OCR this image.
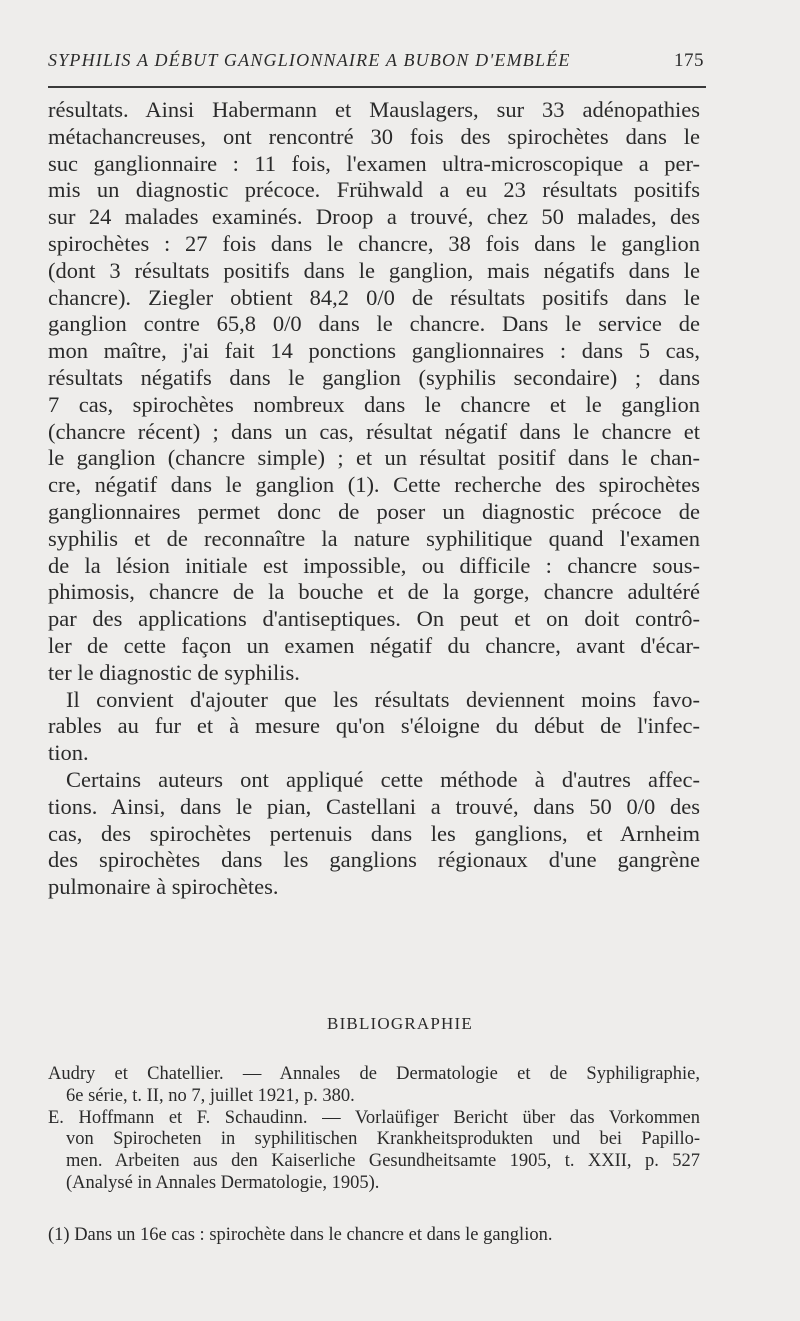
SYPHILIS A DÉBUT GANGLIONNAIRE A BUBON D'EMBLÉE	175
résultats. Ainsi Habermann et Mauslagers, sur 33 adénopathies
métachancreuses, ont rencontré 30 fois des spirochètes dans le
suc ganglionnaire : 11 fois, l'examen ultra-microscopique a per-
mis un diagnostic précoce. Frühwald a eu 23 résultats positifs
sur 24 malades examinés. Droop a trouvé, chez 50 malades, des
spirochètes : 27 fois dans le chancre, 38 fois dans le ganglion
(dont 3 résultats positifs dans le ganglion, mais négatifs dans le
chancre). Ziegler obtient 84,2 0/0 de résultats positifs dans le
ganglion contre 65,8 0/0 dans le chancre. Dans le service de
mon maître, j'ai fait 14 ponctions ganglionnaires : dans 5 cas,
résultats négatifs dans le ganglion (syphilis secondaire) ; dans
7 cas, spirochètes nombreux dans le chancre et le ganglion
(chancre récent) ; dans un cas, résultat négatif dans le chancre et
le ganglion (chancre simple) ; et un résultat positif dans le chan-
cre, négatif dans le ganglion (1). Cette recherche des spirochètes
ganglionnaires permet donc de poser un diagnostic précoce de
syphilis et de reconnaître la nature syphilitique quand l'examen
de la lésion initiale est impossible, ou difficile : chancre sous-
phimosis, chancre de la bouche et de la gorge, chancre adultéré
par des applications d'antiseptiques. On peut et on doit contrô-
ler de cette façon un examen négatif du chancre, avant d'écar-
ter le diagnostic de syphilis.
Il convient d'ajouter que les résultats deviennent moins favo-
rables au fur et à mesure qu'on s'éloigne du début de l'infec-
tion.
Certains auteurs ont appliqué cette méthode à d'autres affec-
tions. Ainsi, dans le pian, Castellani a trouvé, dans 50 0/0 des
cas, des spirochètes pertenuis dans les ganglions, et Arnheim
des spirochètes dans les ganglions régionaux d'une gangrène
pulmonaire à spirochètes.
BIBLIOGRAPHIE
Audry et Chatellier. — Annales de Dermatologie et de Syphiligraphie,
6e série, t. II, no 7, juillet 1921, p. 380.
E. Hoffmann et F. Schaudinn. — Vorlaüfiger Bericht über das Vorkommen
von Spirocheten in syphilitischen Krankheitsprodukten und bei Papillo-
men. Arbeiten aus den Kaiserliche Gesundheitsamte 1905, t. XXII, p. 527
(Analysé in Annales Dermatologie, 1905).
(1) Dans un 16e cas : spirochète dans le chancre et dans le ganglion.
